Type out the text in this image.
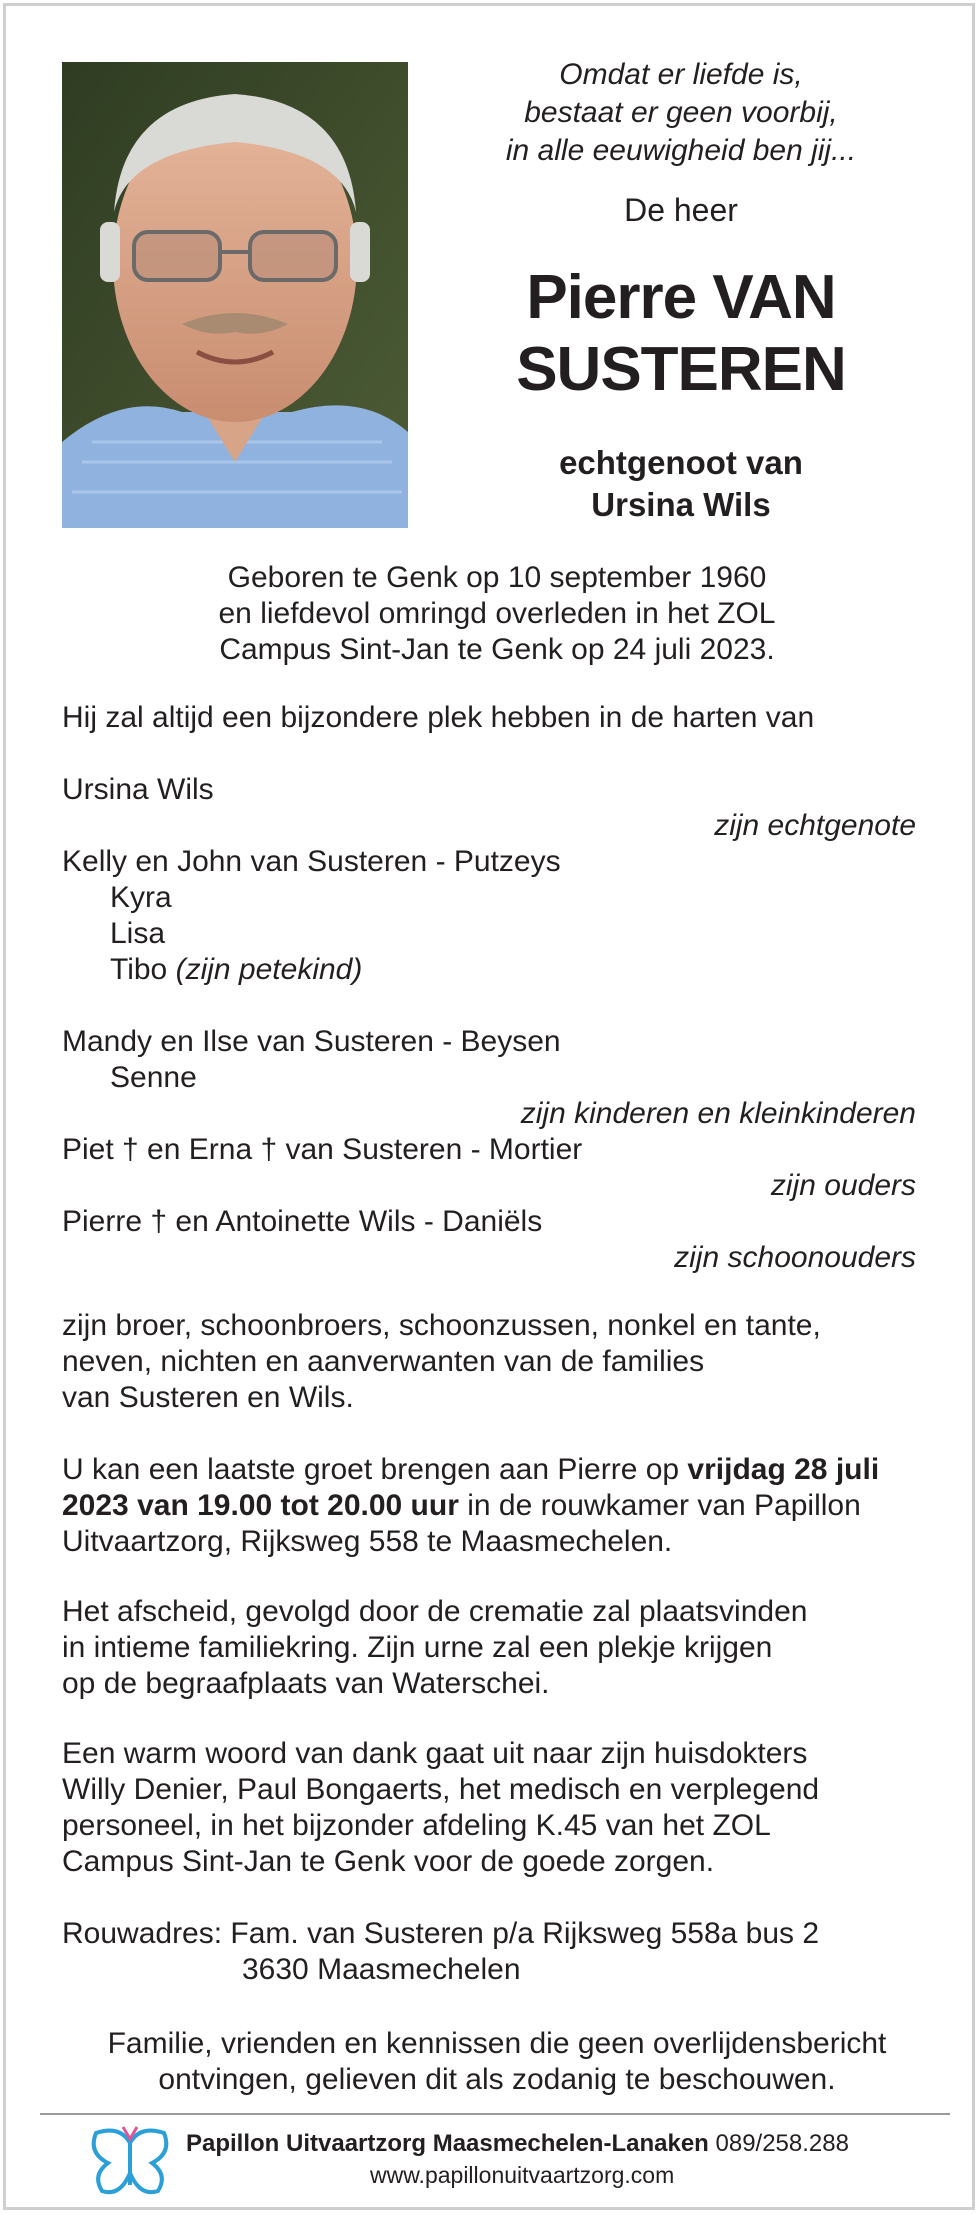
Omdat er liefde is,
bestaat er geen voorbij,
in alle eeuwigheid ben jij...
De heer
Pierre VAN
SUSTEREN
echtgenoot van
Ursina Wils
Geboren te Genk op 10 september 1960
en liefdevol omringd overleden in het ZOL
Campus Sint-Jan te Genk op 24 juli 2023.
Hij zal altijd een bijzondere plek hebben in de harten van
Ursina Wils
zijn echtgenote
Kelly en John van Susteren - Putzeys
Kyra
Lisa
Tibo (zijn petekind)
Mandy en Ilse van Susteren - Beysen
Senne
zijn kinderen en kleinkinderen
Piet † en Erna † van Susteren - Mortier
zijn ouders
Pierre † en Antoinette Wils - Daniëls
zijn schoonouders
zijn broer, schoonbroers, schoonzussen, nonkel en tante,
neven, nichten en aanverwanten van de families
van Susteren en Wils.
U kan een laatste groet brengen aan Pierre op vrijdag 28 juli
2023 van 19.00 tot 20.00 uur in de rouwkamer van Papillon
Uitvaartzorg, Rijksweg 558 te Maasmechelen.
Het afscheid, gevolgd door de crematie zal plaatsvinden
in intieme familiekring. Zijn urne zal een plekje krijgen
op de begraafplaats van Waterschei.
Een warm woord van dank gaat uit naar zijn huisdokters
Willy Denier, Paul Bongaerts, het medisch en verplegend
personeel, in het bijzonder afdeling K.45 van het ZOL
Campus Sint-Jan te Genk voor de goede zorgen.
Rouwadres: Fam. van Susteren p/a Rijksweg 558a bus 2
3630 Maasmechelen
Familie, vrienden en kennissen die geen overlijdensbericht
ontvingen, gelieven dit als zodanig te beschouwen.
Papillon Uitvaartzorg Maasmechelen-Lanaken 089/258.288
www.papillonuitvaartzorg.com
